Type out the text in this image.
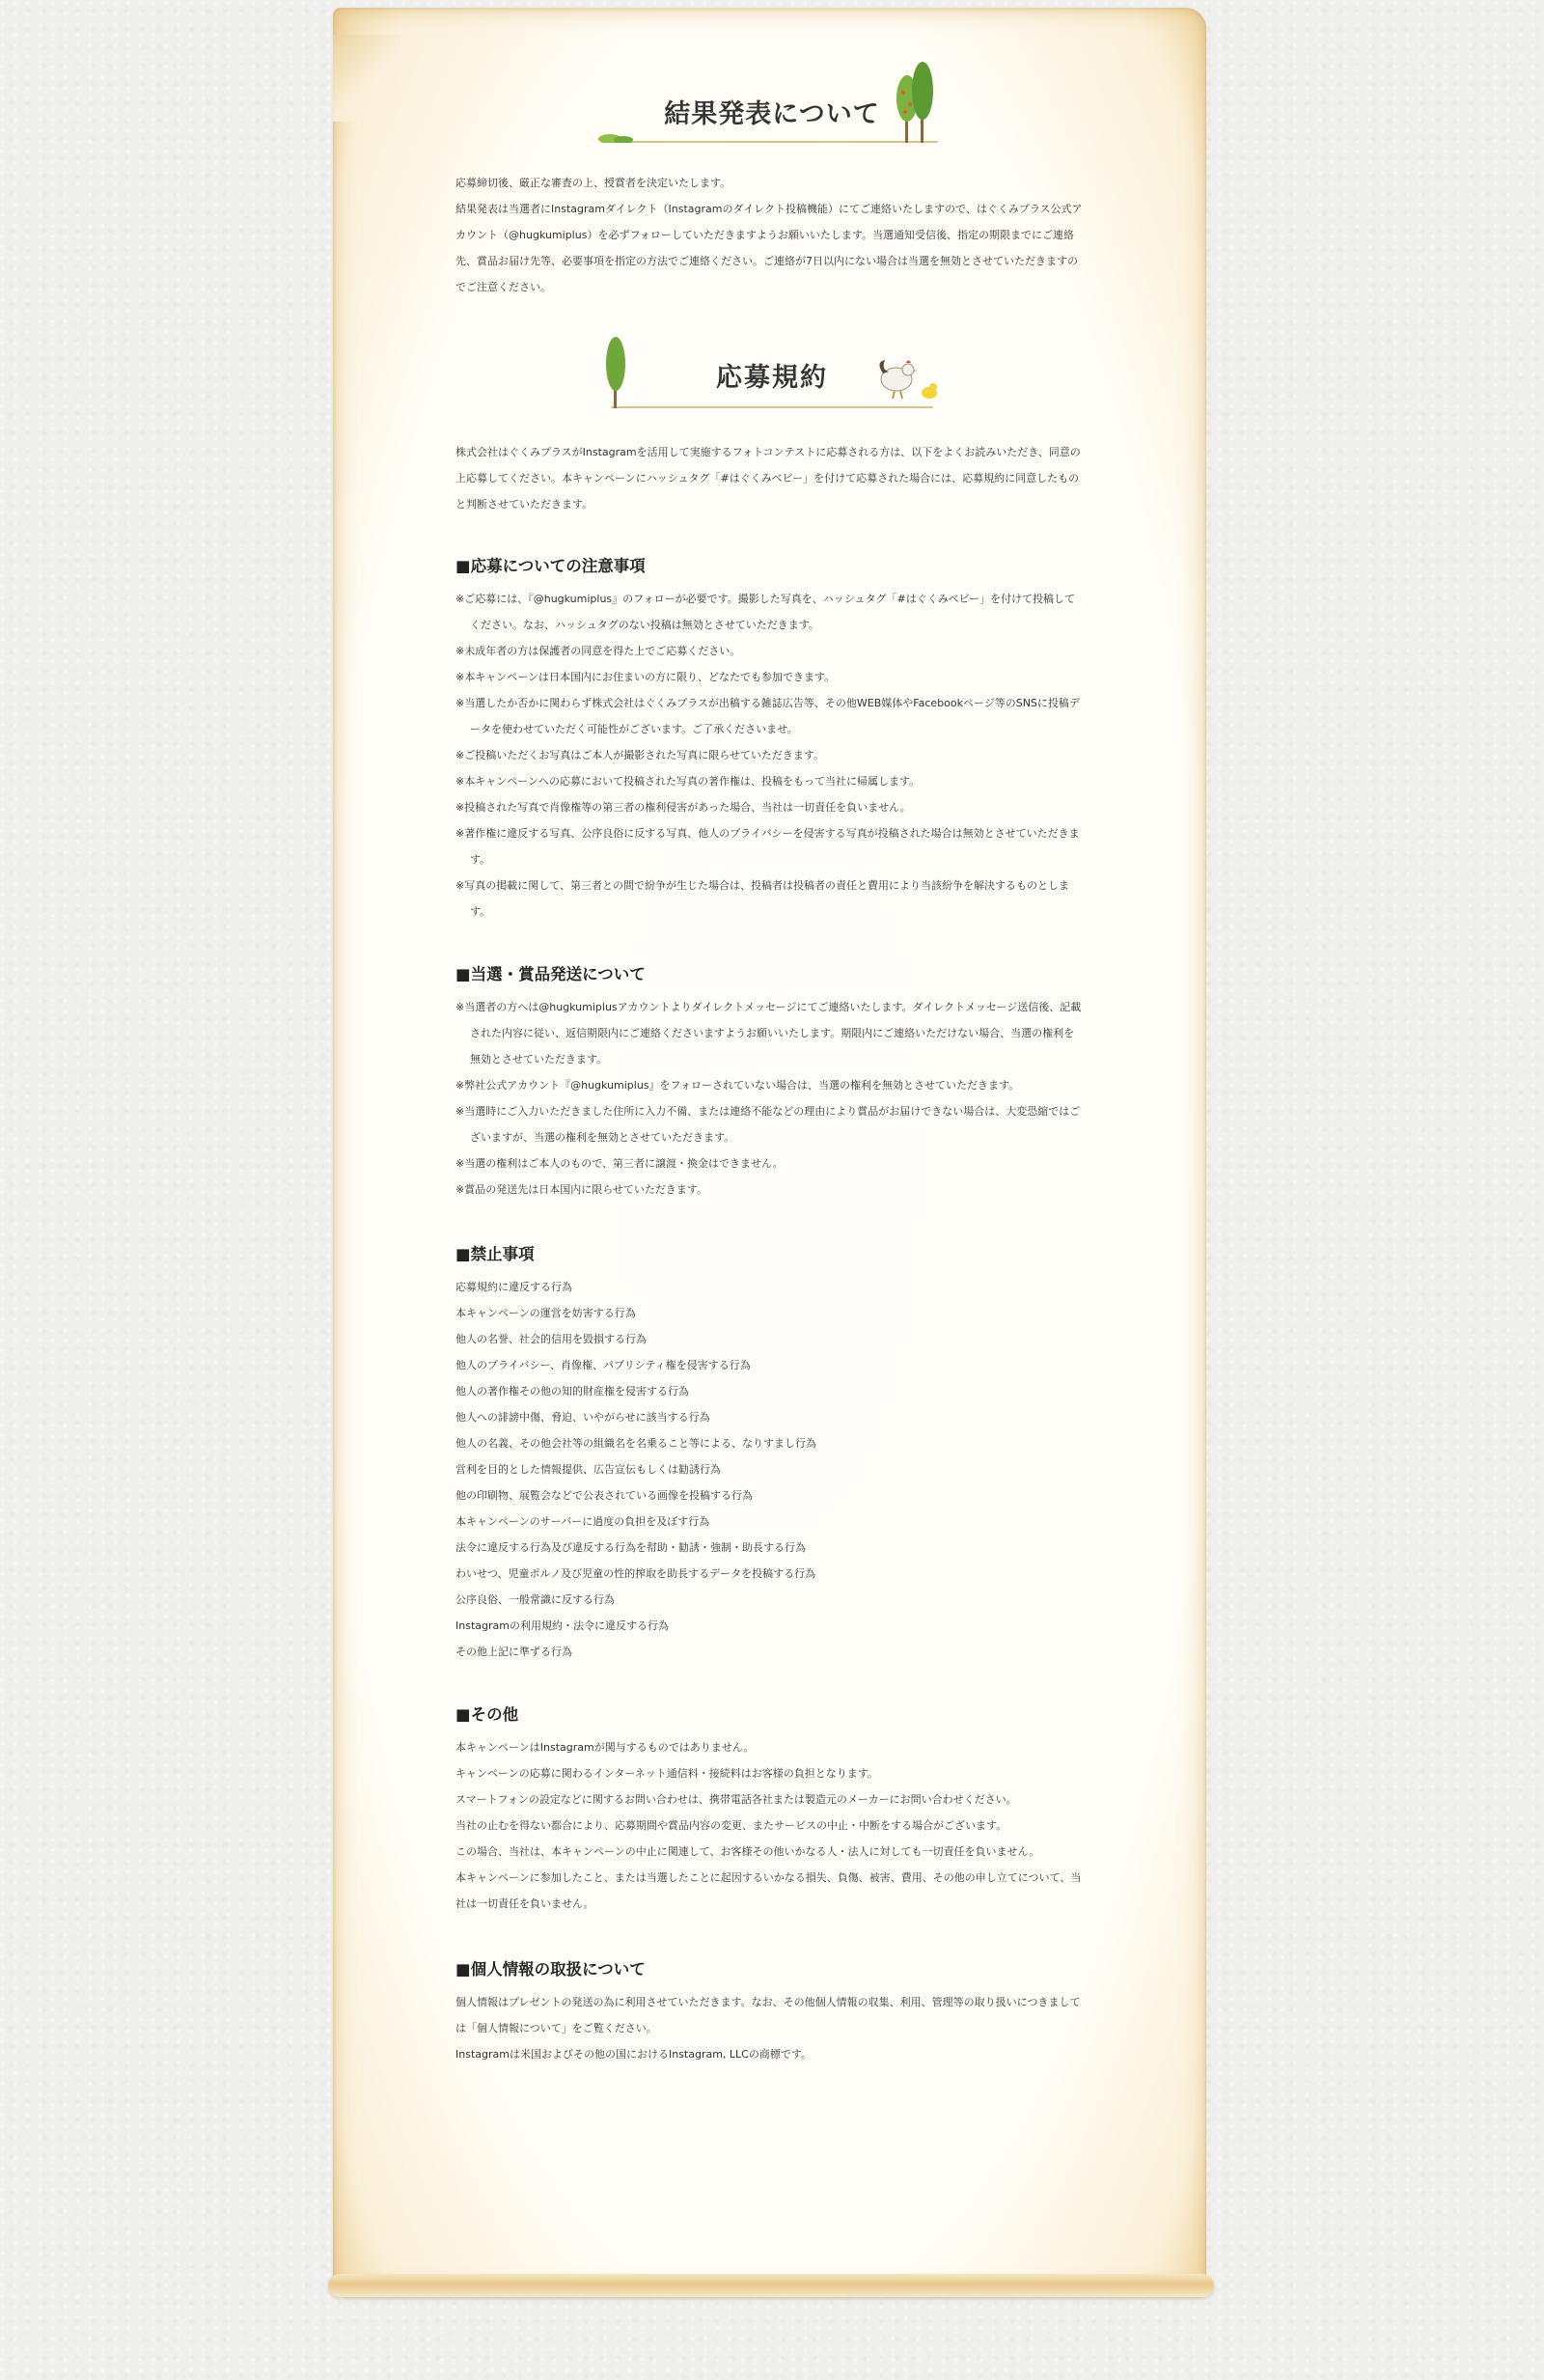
結果発表について

応募締切後、厳正な審査の上、授賞者を決定いたします。

結果発表は当選者にInstagramダイレクト（Instagramのダイレクト投稿機能）にてご連絡いたしますので、はぐくみプラス公式アカウント（@hugkumiplus）を必ずフォローしていただきますようお願いいたします。当選通知受信後、指定の期限までにご連絡先、賞品お届け先等、必要事項を指定の方法でご連絡ください。ご連絡が7日以内にない場合は当選を無効とさせていただきますのでご注意ください。

応募規約

株式会社はぐくみプラスがInstagramを活用して実施するフォトコンテストに応募される方は、以下をよくお読みいただき、同意の上応募してください。本キャンペーンにハッシュタグ「#はぐくみベビー」を付けて応募された場合には、応募規約に同意したものと判断させていただきます。

■応募についての注意事項

※ご応募には、『@hugkumiplus』のフォローが必要です。撮影した写真を、ハッシュタグ「#はぐくみベビー」を付けて投稿してください。なお、ハッシュタグのない投稿は無効とさせていただきます。

※未成年者の方は保護者の同意を得た上でご応募ください。

※本キャンペーンは日本国内にお住まいの方に限り、どなたでも参加できます。

※当選したか否かに関わらず株式会社はぐくみプラスが出稿する雑誌広告等、その他WEB媒体やFacebookページ等のSNSに投稿データを使わせていただく可能性がございます。ご了承くださいませ。

※ご投稿いただくお写真はご本人が撮影された写真に限らせていただきます。

※本キャンペーンへの応募において投稿された写真の著作権は、投稿をもって当社に帰属します。

※投稿された写真で肖像権等の第三者の権利侵害があった場合、当社は一切責任を負いません。

※著作権に違反する写真、公序良俗に反する写真、他人のプライバシーを侵害する写真が投稿された場合は無効とさせていただきます。

※写真の掲載に関して、第三者との間で紛争が生じた場合は、投稿者は投稿者の責任と費用により当該紛争を解決するものとします。

■当選・賞品発送について

※当選者の方へは@hugkumiplusアカウントよりダイレクトメッセージにてご連絡いたします。ダイレクトメッセージ送信後、記載された内容に従い、返信期限内にご連絡くださいますようお願いいたします。期限内にご連絡いただけない場合、当選の権利を無効とさせていただきます。

※弊社公式アカウント『@hugkumiplus』をフォローされていない場合は、当選の権利を無効とさせていただきます。

※当選時にご入力いただきました住所に入力不備、または連絡不能などの理由により賞品がお届けできない場合は、大変恐縮ではございますが、当選の権利を無効とさせていただきます。

※当選の権利はご本人のもので、第三者に譲渡・換金はできません。

※賞品の発送先は日本国内に限らせていただきます。

■禁止事項

応募規約に違反する行為

本キャンペーンの運営を妨害する行為

他人の名誉、社会的信用を毀損する行為

他人のプライバシー、肖像権、パブリシティ権を侵害する行為

他人の著作権その他の知的財産権を侵害する行為

他人への誹謗中傷、脅迫、いやがらせに該当する行為

他人の名義、その他会社等の組織名を名乗ること等による、なりすまし行為

営利を目的とした情報提供、広告宣伝もしくは勧誘行為

他の印刷物、展覧会などで公表されている画像を投稿する行為

本キャンペーンのサーバーに過度の負担を及ぼす行為

法令に違反する行為及び違反する行為を幇助・勧誘・強制・助長する行為

わいせつ、児童ポルノ及び児童の性的搾取を助長するデータを投稿する行為

公序良俗、一般常識に反する行為

Instagramの利用規約・法令に違反する行為

その他上記に準ずる行為

■その他

本キャンペーンはInstagramが関与するものではありません。

キャンペーンの応募に関わるインターネット通信料・接続料はお客様の負担となります。

スマートフォンの設定などに関するお問い合わせは、携帯電話各社または製造元のメーカーにお問い合わせください。

当社の止むを得ない都合により、応募期間や賞品内容の変更、またサービスの中止・中断をする場合がございます。

この場合、当社は、本キャンペーンの中止に関連して、お客様その他いかなる人・法人に対しても一切責任を負いません。

本キャンペーンに参加したこと、または当選したことに起因するいかなる損失、負傷、被害、費用、その他の申し立てについて、当社は一切責任を負いません。

■個人情報の取扱について

個人情報はプレゼントの発送の為に利用させていただきます。なお、その他個人情報の収集、利用、管理等の取り扱いにつきましては「個人情報について」をご覧ください。

Instagramは米国およびその他の国におけるInstagram, LLCの商標です。
